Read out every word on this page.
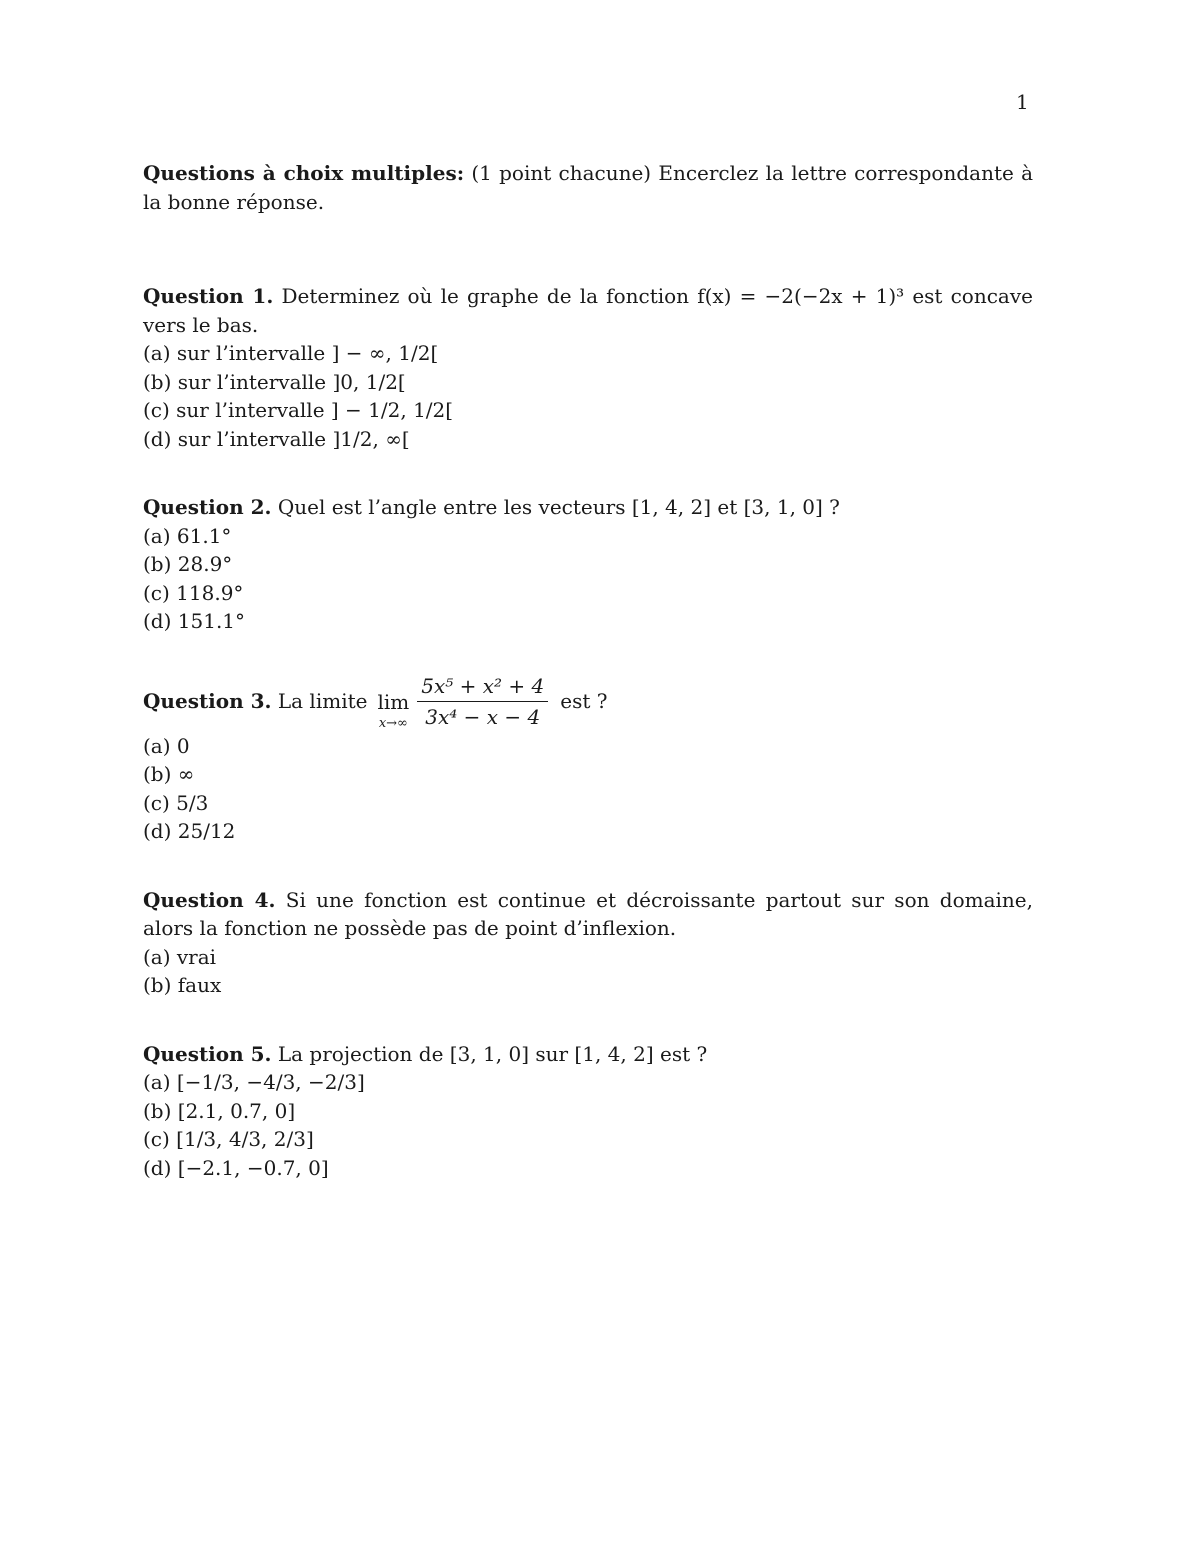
1

Questions à choix multiples: (1 point chacune) Encerclez la lettre correspondante à la bonne réponse.

Question 1. Determinez où le graphe de la fonction f(x) = −2(−2x + 1)³ est concave vers le bas.

(a) sur l’intervalle ] − ∞, 1/2[
(b) sur l’intervalle ]0, 1/2[
(c) sur l’intervalle ] − 1/2, 1/2[
(d) sur l’intervalle ]1/2, ∞[

Question 2. Quel est l’angle entre les vecteurs [1, 4, 2] et [3, 1, 0] ?

(a) 61.1°
(b) 28.9°
(c) 118.9°
(d) 151.1°
Question 3. La limite lim
$x\to\infty \frac{\text{5x⁵ + x² + 4}}{\text{3x⁴ − x − 4}}$ est ?
(a) 0
(b) ∞
(c) 5/3
(d) 25/12

Question 4. Si une fonction est continue et décroissante partout sur son domaine, alors la fonction ne possède pas de point d’inflexion.

(a) vrai
(b) faux

Question 5. La projection de [3, 1, 0] sur [1, 4, 2] est ?

(a) [−1/3, −4/3, −2/3]
(b) [2.1, 0.7, 0]
(c) [1/3, 4/3, 2/3]
(d) [−2.1, −0.7, 0]
